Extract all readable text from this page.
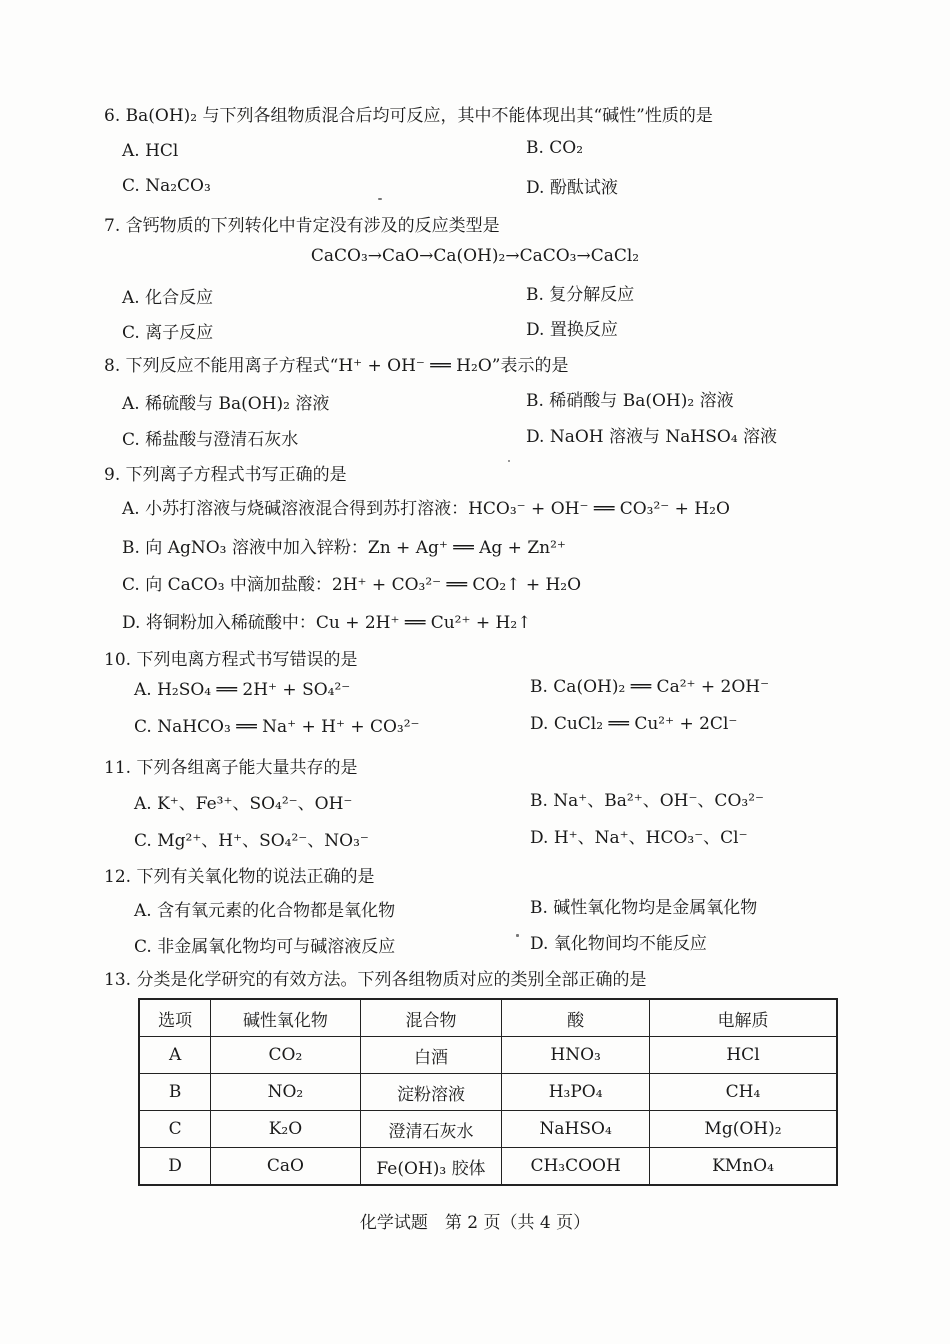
6. Ba(OH)₂ 与下列各组物质混合后均可反应，其中不能体现出其“碱性”性质的是
A. HCl	B. CO₂
C. Na₂CO₃	D. 酚酞试液
7. 含钙物质的下列转化中肯定没有涉及的反应类型是
CaCO₃→CaO→Ca(OH)₂→CaCO₃→CaCl₂
A. 化合反应	B. 复分解反应
C. 离子反应	D. 置换反应
8. 下列反应不能用离子方程式“H⁺ + OH⁻ ══ H₂O”表示的是
A. 稀硫酸与 Ba(OH)₂ 溶液	B. 稀硝酸与 Ba(OH)₂ 溶液
C. 稀盐酸与澄清石灰水	D. NaOH 溶液与 NaHSO₄ 溶液
9. 下列离子方程式书写正确的是
A. 小苏打溶液与烧碱溶液混合得到苏打溶液：HCO₃⁻ + OH⁻ ══ CO₃²⁻ + H₂O
B. 向 AgNO₃ 溶液中加入锌粉：Zn + Ag⁺ ══ Ag + Zn²⁺
C. 向 CaCO₃ 中滴加盐酸：2H⁺ + CO₃²⁻ ══ CO₂↑ + H₂O
D. 将铜粉加入稀硫酸中：Cu + 2H⁺ ══ Cu²⁺ + H₂↑
10. 下列电离方程式书写错误的是
A. H₂SO₄ ══ 2H⁺ + SO₄²⁻	B. Ca(OH)₂ ══ Ca²⁺ + 2OH⁻
C. NaHCO₃ ══ Na⁺ + H⁺ + CO₃²⁻	D. CuCl₂ ══ Cu²⁺ + 2Cl⁻
11. 下列各组离子能大量共存的是
A. K⁺、Fe³⁺、SO₄²⁻、OH⁻	B. Na⁺、Ba²⁺、OH⁻、CO₃²⁻
C. Mg²⁺、H⁺、SO₄²⁻、NO₃⁻	D. H⁺、Na⁺、HCO₃⁻、Cl⁻
12. 下列有关氧化物的说法正确的是
A. 含有氧元素的化合物都是氧化物	B. 碱性氧化物均是金属氧化物
C. 非金属氧化物均可与碱溶液反应	D. 氧化物间均不能反应
13. 分类是化学研究的有效方法。下列各组物质对应的类别全部正确的是
选项	碱性氧化物	混合物	酸	电解质
A	CO₂	白酒	HNO₃	HCl
B	NO₂	淀粉溶液	H₃PO₄	CH₄
C	K₂O	澄清石灰水	NaHSO₄	Mg(OH)₂
D	CaO	Fe(OH)₃ 胶体	CH₃COOH	KMnO₄
化学试题　第 2 页（共 4 页）
